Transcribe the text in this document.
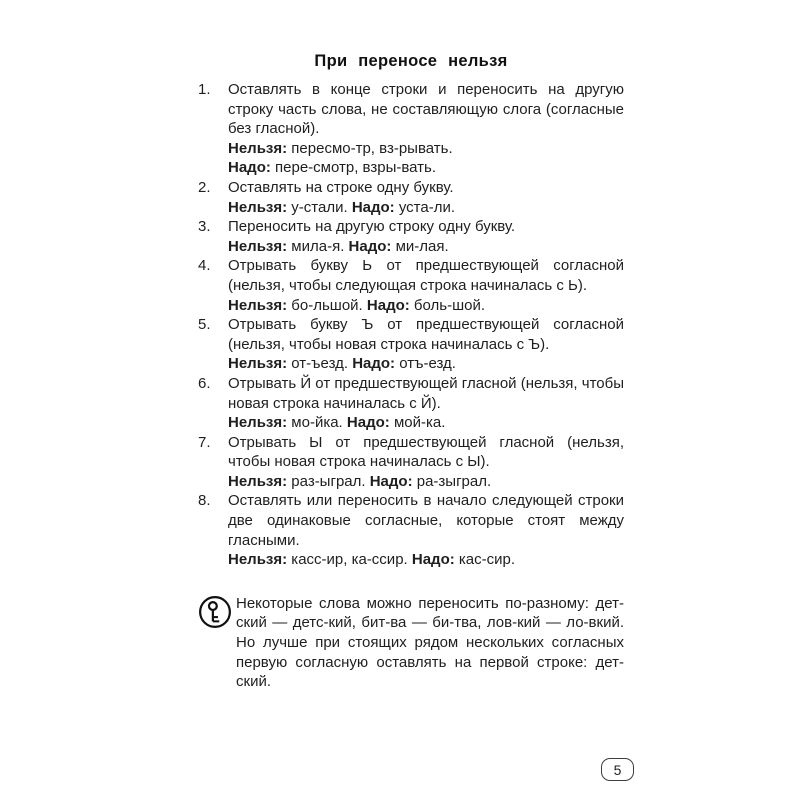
При переносе нельзя
1.	Оставлять в конце строки и переносить на другую строку часть слова, не составляющую слога (согласные без гласной).
Нельзя: пересмо-тр, вз-рывать.
Надо: пере-смотр, взры-вать.
2.	Оставлять на строке одну букву.
Нельзя: у-стали. Надо: уста-ли.
3.	Переносить на другую строку одну букву.
Нельзя: мила-я. Надо: ми-лая.
4.	Отрывать букву Ь от предшествующей согласной (нельзя, чтобы следующая строка начиналась с Ь).
Нельзя: бо-льшой. Надо: боль-шой.
5.	Отрывать букву Ъ от предшествующей согласной (нельзя, чтобы новая строка начиналась с Ъ).
Нельзя: от-ъезд. Надо: отъ-езд.
6.	Отрывать Й от предшествующей гласной (нельзя, чтобы новая строка начиналась с Й).
Нельзя: мо-йка. Надо: мой-ка.
7.	Отрывать Ы от предшествующей гласной (нельзя, чтобы новая строка начиналась с Ы).
Нельзя: раз-ыграл. Надо: ра-зыграл.
8.	Оставлять или переносить в начало следующей строки две одинаковые согласные, которые стоят между гласными.
Нельзя: касс-ир, ка-ссир. Надо: кас-сир.
Некоторые слова можно переносить по-разному: дет-ский — детс-кий, бит-ва — би-тва, лов-кий — ло-вкий. Но лучше при стоящих рядом нескольких согласных первую согласную оставлять на первой строке: дет-ский.
5
